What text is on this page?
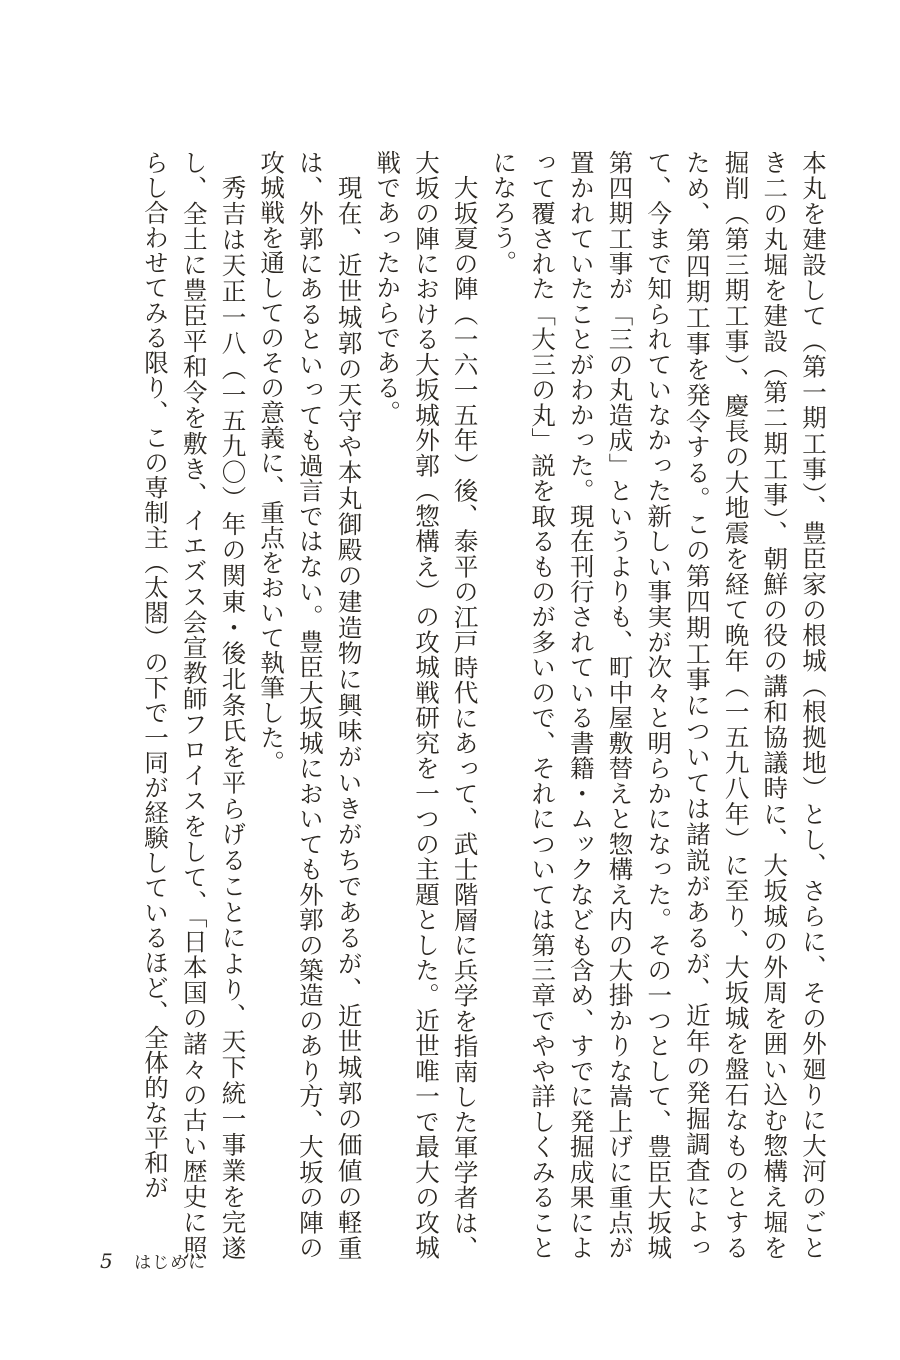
本丸を建設して（第一期工事）、豊臣家の根城（根拠地）とし、さらに、その外廻りに大河のごとき二の丸堀を建設（第二期工事）、朝鮮の役の講和協議時に、大坂城の外周を囲い込む惣構え堀を掘削（第三期工事）、慶長の大地震を経て晩年（一五九八年）に至り、大坂城を盤石なものとするため、第四期工事を発令する。この第四期工事については諸説があるが、近年の発掘調査によって、今まで知られていなかった新しい事実が次々と明らかになった。その一つとして、豊臣大坂城第四期工事が「三の丸造成」というよりも、町中屋敷替えと惣構え内の大掛かりな嵩上げに重点が置かれていたことがわかった。現在刊行されている書籍・ムックなども含め、すでに発掘成果によって覆された「大三の丸」説を取るものが多いので、それについては第三章でやや詳しくみることになろう。

大坂夏の陣（一六一五年）後、泰平の江戸時代にあって、武士階層に兵学を指南した軍学者は、大坂の陣における大坂城外郭（惣構え）の攻城戦研究を一つの主題とした。近世唯一で最大の攻城戦であったからである。

現在、近世城郭の天守や本丸御殿の建造物に興味がいきがちであるが、近世城郭の価値の軽重は、外郭にあるといっても過言ではない。豊臣大坂城においても外郭の築造のあり方、大坂の陣の攻城戦を通してのその意義に、重点をおいて執筆した。

秀吉は天正一八（一五九〇）年の関東・後北条氏を平らげることにより、天下統一事業を完遂し、全土に豊臣平和令を敷き、イエズス会宣教師フロイスをして、「日本国の諸々の古い歴史に照らし合わせてみる限り、この専制主（太閤）の下で一同が経験しているほど、全体的な平和が

5 はじめに
